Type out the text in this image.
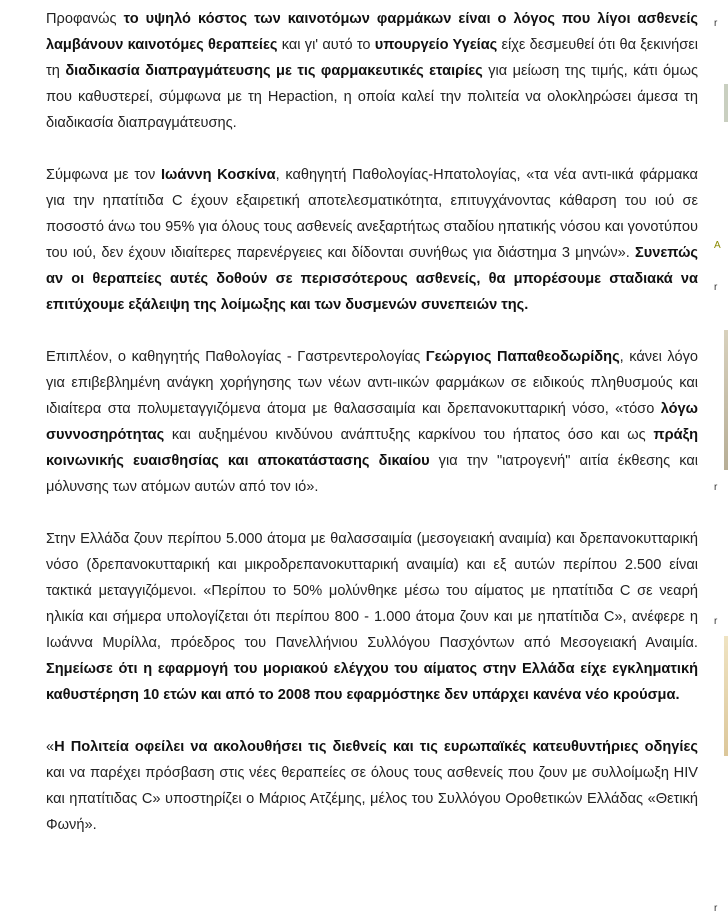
Προφανώς το υψηλό κόστος των καινοτόμων φαρμάκων είναι ο λόγος που λίγοι ασθενείς λαμβάνουν καινοτόμες θεραπείες και γι' αυτό το υπουργείο Υγείας είχε δεσμευθεί ότι θα ξεκινήσει τη διαδικασία διαπραγμάτευσης με τις φαρμακευτικές εταιρίες για μείωση της τιμής, κάτι όμως που καθυστερεί, σύμφωνα με τη Hepaction, η οποία καλεί την πολιτεία να ολοκληρώσει άμεσα τη διαδικασία διαπραγμάτευσης.

Σύμφωνα με τον Ιωάννη Κοσκίνα, καθηγητή Παθολογίας-Ηπατολογίας, «τα νέα αντι-ιικά φάρμακα για την ηπατίτιδα C έχουν εξαιρετική αποτελεσματικότητα, επιτυγχάνοντας κάθαρση του ιού σε ποσοστό άνω του 95% για όλους τους ασθενείς ανεξαρτήτως σταδίου ηπατικής νόσου και γονοτύπου του ιού, δεν έχουν ιδιαίτερες παρενέργειες και δίδονται συνήθως για διάστημα 3 μηνών». Συνεπώς αν οι θεραπείες αυτές δοθούν σε περισσότερους ασθενείς, θα μπορέσουμε σταδιακά να επιτύχουμε εξάλειψη της λοίμωξης και των δυσμενών συνεπειών της.

Επιπλέον, ο καθηγητής Παθολογίας - Γαστρεντερολογίας Γεώργιος Παπαθεοδωρίδης, κάνει λόγο για επιβεβλημένη ανάγκη χορήγησης των νέων αντι-ιικών φαρμάκων σε ειδικούς πληθυσμούς και ιδιαίτερα στα πολυμεταγγιζόμενα άτομα με θαλασσαιμία και δρεπανοκυτταρική νόσο, «τόσο λόγω συννοσηρότητας και αυξημένου κινδύνου ανάπτυξης καρκίνου του ήπατος όσο και ως πράξη κοινωνικής ευαισθησίας και αποκατάστασης δικαίου για την "ιατρογενή" αιτία έκθεσης και μόλυνσης των ατόμων αυτών από τον ιό».

Στην Ελλάδα ζουν περίπου 5.000 άτομα με θαλασσαιμία (μεσογειακή αναιμία) και δρεπανοκυτταρική νόσο (δρεπανοκυτταρική και μικροδρεπανοκυτταρική αναιμία) και εξ αυτών περίπου 2.500 είναι τακτικά μεταγγιζόμενοι. «Περίπου το 50% μολύνθηκε μέσω του αίματος με ηπατίτιδα C σε νεαρή ηλικία και σήμερα υπολογίζεται ότι περίπου 800 - 1.000 άτομα ζουν και με ηπατίτιδα C», ανέφερε η Ιωάννα Μυρίλλα, πρόεδρος του Πανελλήνιου Συλλόγου Πασχόντων από Μεσογειακή Αναιμία. Σημείωσε ότι η εφαρμογή του μοριακού ελέγχου του αίματος στην Ελλάδα είχε εγκληματική καθυστέρηση 10 ετών και από το 2008 που εφαρμόστηκε δεν υπάρχει κανένα νέο κρούσμα.

«Η Πολιτεία οφείλει να ακολουθήσει τις διεθνείς και τις ευρωπαϊκές κατευθυντήριες οδηγίες και να παρέχει πρόσβαση στις νέες θεραπείες σε όλους τους ασθενείς που ζουν με συλλοίμωξη HIV και ηπατίτιδας C» υποστηρίζει ο Μάριος Ατζέμης, μέλος του Συλλόγου Οροθετικών Ελλάδας «Θετική Φωνή».

r
Α
r
r
r
r
